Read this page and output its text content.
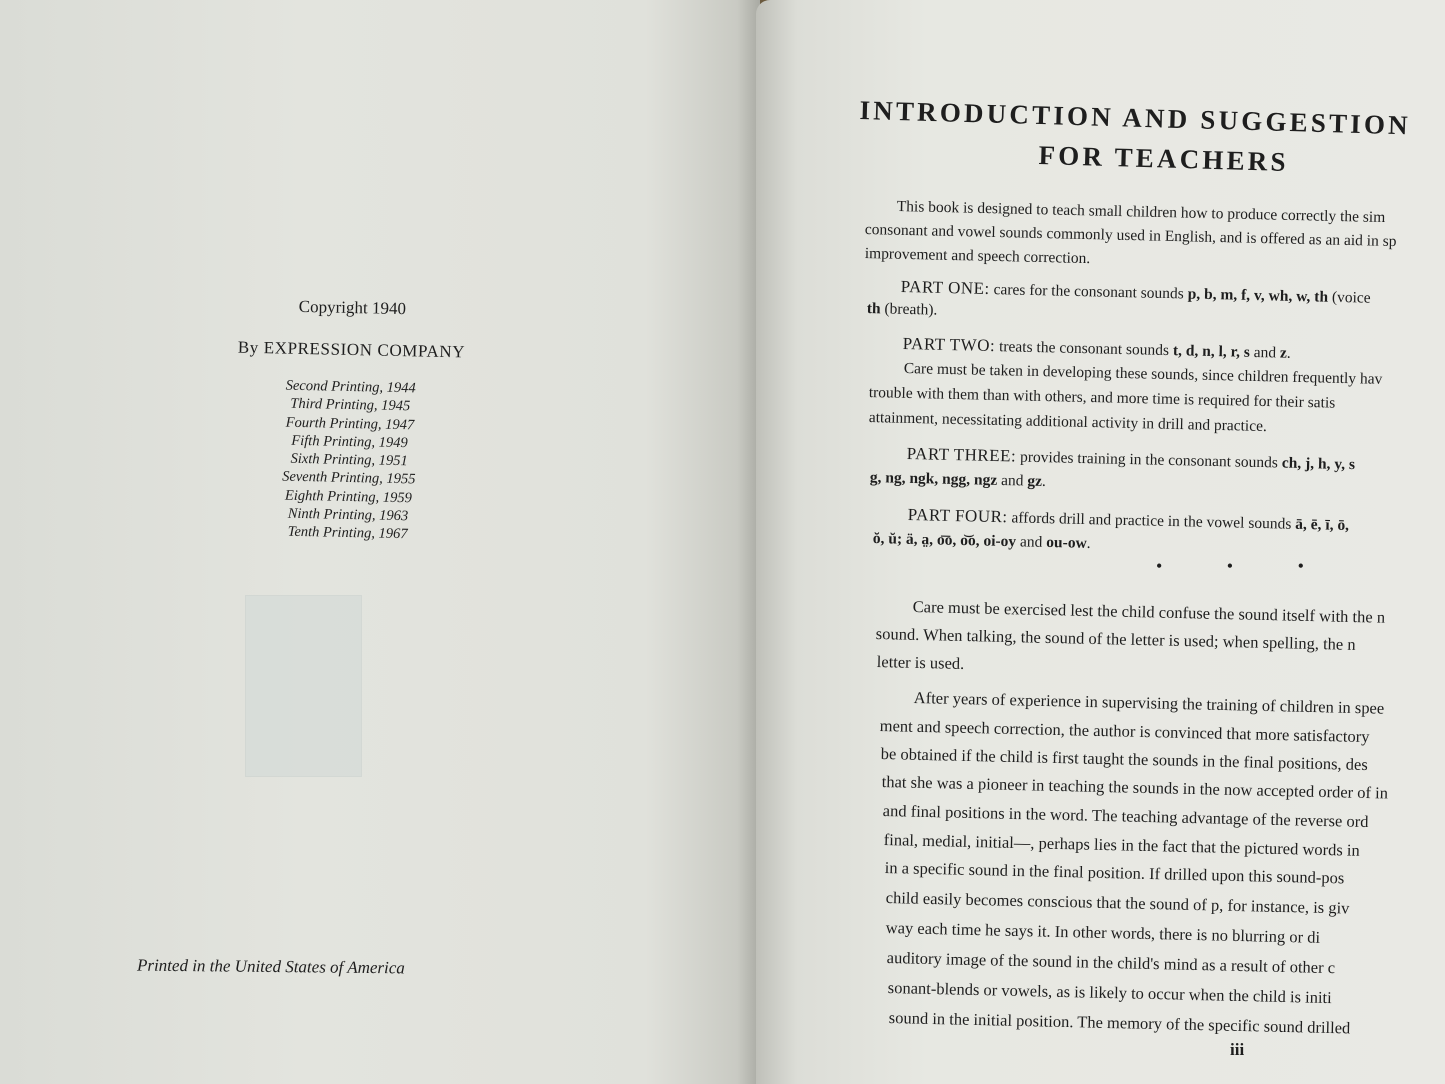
Copyright 1940
By EXPRESSION COMPANY
Second Printing, 1944
Third Printing, 1945
Fourth Printing, 1947
Fifth Printing, 1949
Sixth Printing, 1951
Seventh Printing, 1955
Eighth Printing, 1959
Ninth Printing, 1963
Tenth Printing, 1967
Printed in the United States of America
INTRODUCTION AND SUGGESTION
FOR TEACHERS
This book is designed to teach small children how to produce correctly the sim
consonant and vowel sounds commonly used in English, and is offered as an aid in sp
improvement and speech correction.
PART ONE: cares for the consonant sounds p, b, m, f, v, wh, w, th (voice
th (breath).
PART TWO: treats the consonant sounds t, d, n, l, r, s and z.
Care must be taken in developing these sounds, since children frequently hav
trouble with them than with others, and more time is required for their satis
attainment, necessitating additional activity in drill and practice.
PART THREE: provides training in the consonant sounds ch, j, h, y, s
g, ng, ngk, ngg, ngz and gz.
PART FOUR: affords drill and practice in the vowel sounds ā, ē, ī, ō,
ŏ, ŭ; ä, a̤, o͞o, o͝o, oi-oy and ou-ow.
• • •
Care must be exercised lest the child confuse the sound itself with the n
sound. When talking, the sound of the letter is used; when spelling, the n
letter is used.
After years of experience in supervising the training of children in spee
ment and speech correction, the author is convinced that more satisfactory
be obtained if the child is first taught the sounds in the final positions, des
that she was a pioneer in teaching the sounds in the now accepted order of in
and final positions in the word. The teaching advantage of the reverse ord
final, medial, initial—, perhaps lies in the fact that the pictured words in
in a specific sound in the final position. If drilled upon this sound-pos
child easily becomes conscious that the sound of p, for instance, is giv
way each time he says it. In other words, there is no blurring or di
auditory image of the sound in the child's mind as a result of other c
sonant-blends or vowels, as is likely to occur when the child is initi
sound in the initial position. The memory of the specific sound drilled
iii
